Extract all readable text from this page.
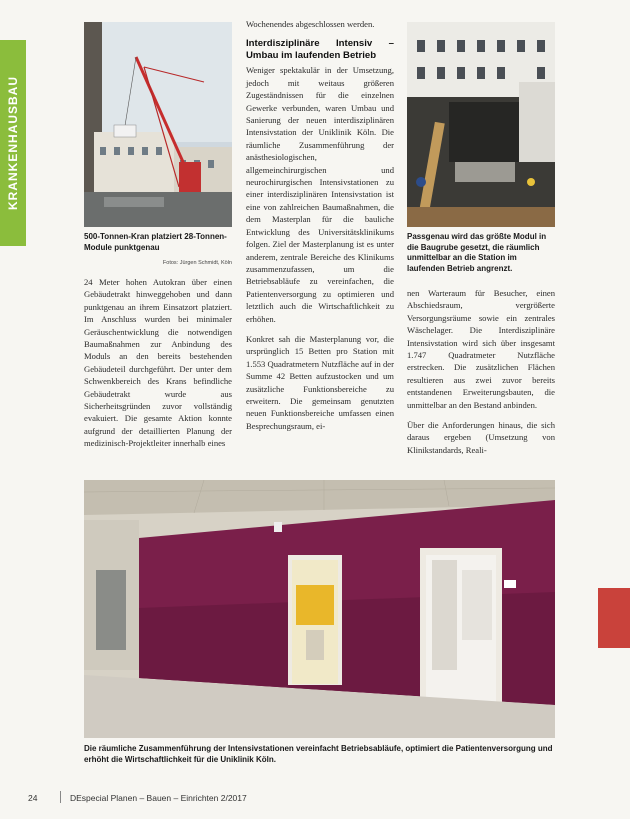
KRANKENHAUSBAU
500-Tonnen-Kran platziert 28-Tonnen-Module punktgenau
Fotos: Jürgen Schmidt, Köln

24 Meter hohen Autokran über einen Gebäudetrakt hinweggehoben und dann punktgenau an ihrem Einsatzort platziert. Im Anschluss wurden bei minimaler Geräuschentwicklung die notwendigen Baumaßnahmen zur Anbindung des Moduls an den bereits bestehenden Gebäudeteil durchgeführt. Der unter dem Schwenkbereich des Krans befindliche Gebäudetrakt wurde aus Sicherheitsgründen zuvor vollständig evakuiert. Die gesamte Aktion konnte aufgrund der detaillierten Planung der medizinisch-Projektleiter innerhalb eines

Wochenendes abgeschlossen werden.

Interdisziplinäre Intensiv – Umbau im laufenden Betrieb

Weniger spektakulär in der Umsetzung, jedoch mit weitaus größeren Zugeständnissen für die einzelnen Gewerke verbunden, waren Umbau und Sanierung der neuen interdisziplinären Intensivstation der Uniklinik Köln. Die räumliche Zusammenführung der anästhesiologischen, allgemeinchirurgischen und neurochirurgischen Intensivstationen zu einer interdisziplinären Intensivstation ist eine von zahlreichen Baumaßnahmen, die dem Masterplan für die bauliche Entwicklung des Universitätsklinikums folgen. Ziel der Masterplanung ist es unter anderem, zentrale Bereiche des Klinikums zusammenzufassen, um die Betriebsabläufe zu vereinfachen, die Patientenversorgung zu optimieren und letztlich auch die Wirtschaftlichkeit zu erhöhen.

Konkret sah die Masterplanung vor, die ursprünglich 15 Betten pro Station mit 1.553 Quadratmetern Nutzfläche auf in der Summe 42 Betten aufzustocken und um zusätzliche Funktionsbereiche zu erweitern. Die gemeinsam genutzten neuen Funktionsbereiche umfassen einen Besprechungsraum, ei-

Passgenau wird das größte Modul in die Baugrube gesetzt, die räumlich unmittelbar an die Station im laufenden Betrieb angrenzt.

nen Warteraum für Besucher, einen Abschiedsraum, vergrößerte Versorgungsräume sowie ein zentrales Wäschelager. Die Interdisziplinäre Intensivstation wird sich über insgesamt 1.747 Quadratmeter Nutzfläche erstrecken. Die zusätzlichen Flächen resultieren aus zwei zuvor bereits entstandenen Erweiterungsbauten, die unmittelbar an den Bestand anbinden.

Über die Anforderungen hinaus, die sich daraus ergeben (Umsetzung von Klinikstandards, Reali-

Die räumliche Zusammenführung der Intensivstationen vereinfacht Betriebsabläufe, optimiert die Patientenversorgung und erhöht die Wirtschaftlichkeit für die Uniklinik Köln.
24	DEspecial Planen – Bauen – Einrichten 2/2017
